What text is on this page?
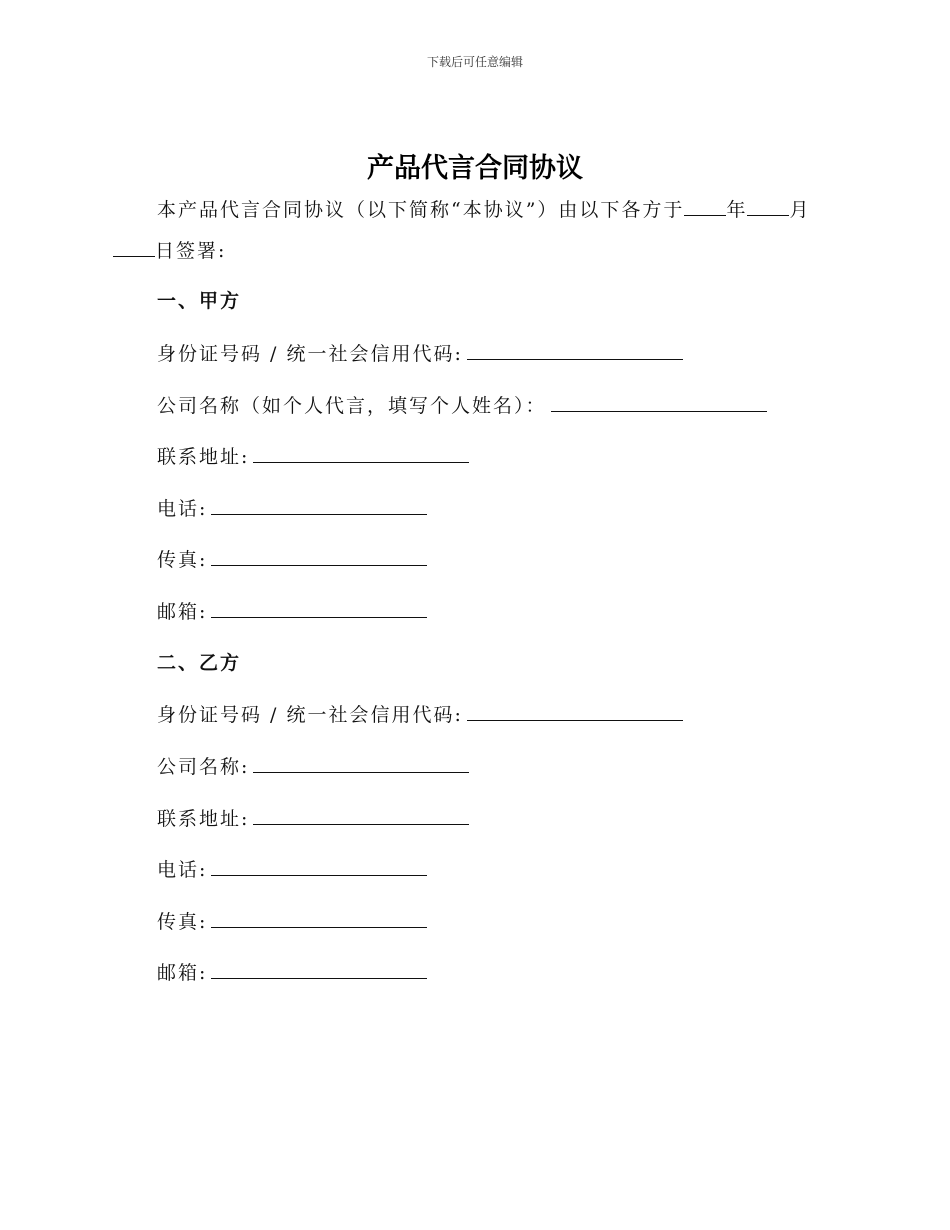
下载后可任意编辑
产品代言合同协议
本产品代言合同协议（以下简称“本协议”）由以下各方于 年 月日签署:
一、甲方
身份证号码 / 统一社会信用代码:
公司名称（如个人代言，填写个人姓名）：
联系地址:
电话:
传真:
邮箱:
二、乙方
身份证号码 / 统一社会信用代码:
公司名称:
联系地址:
电话:
传真:
邮箱:
